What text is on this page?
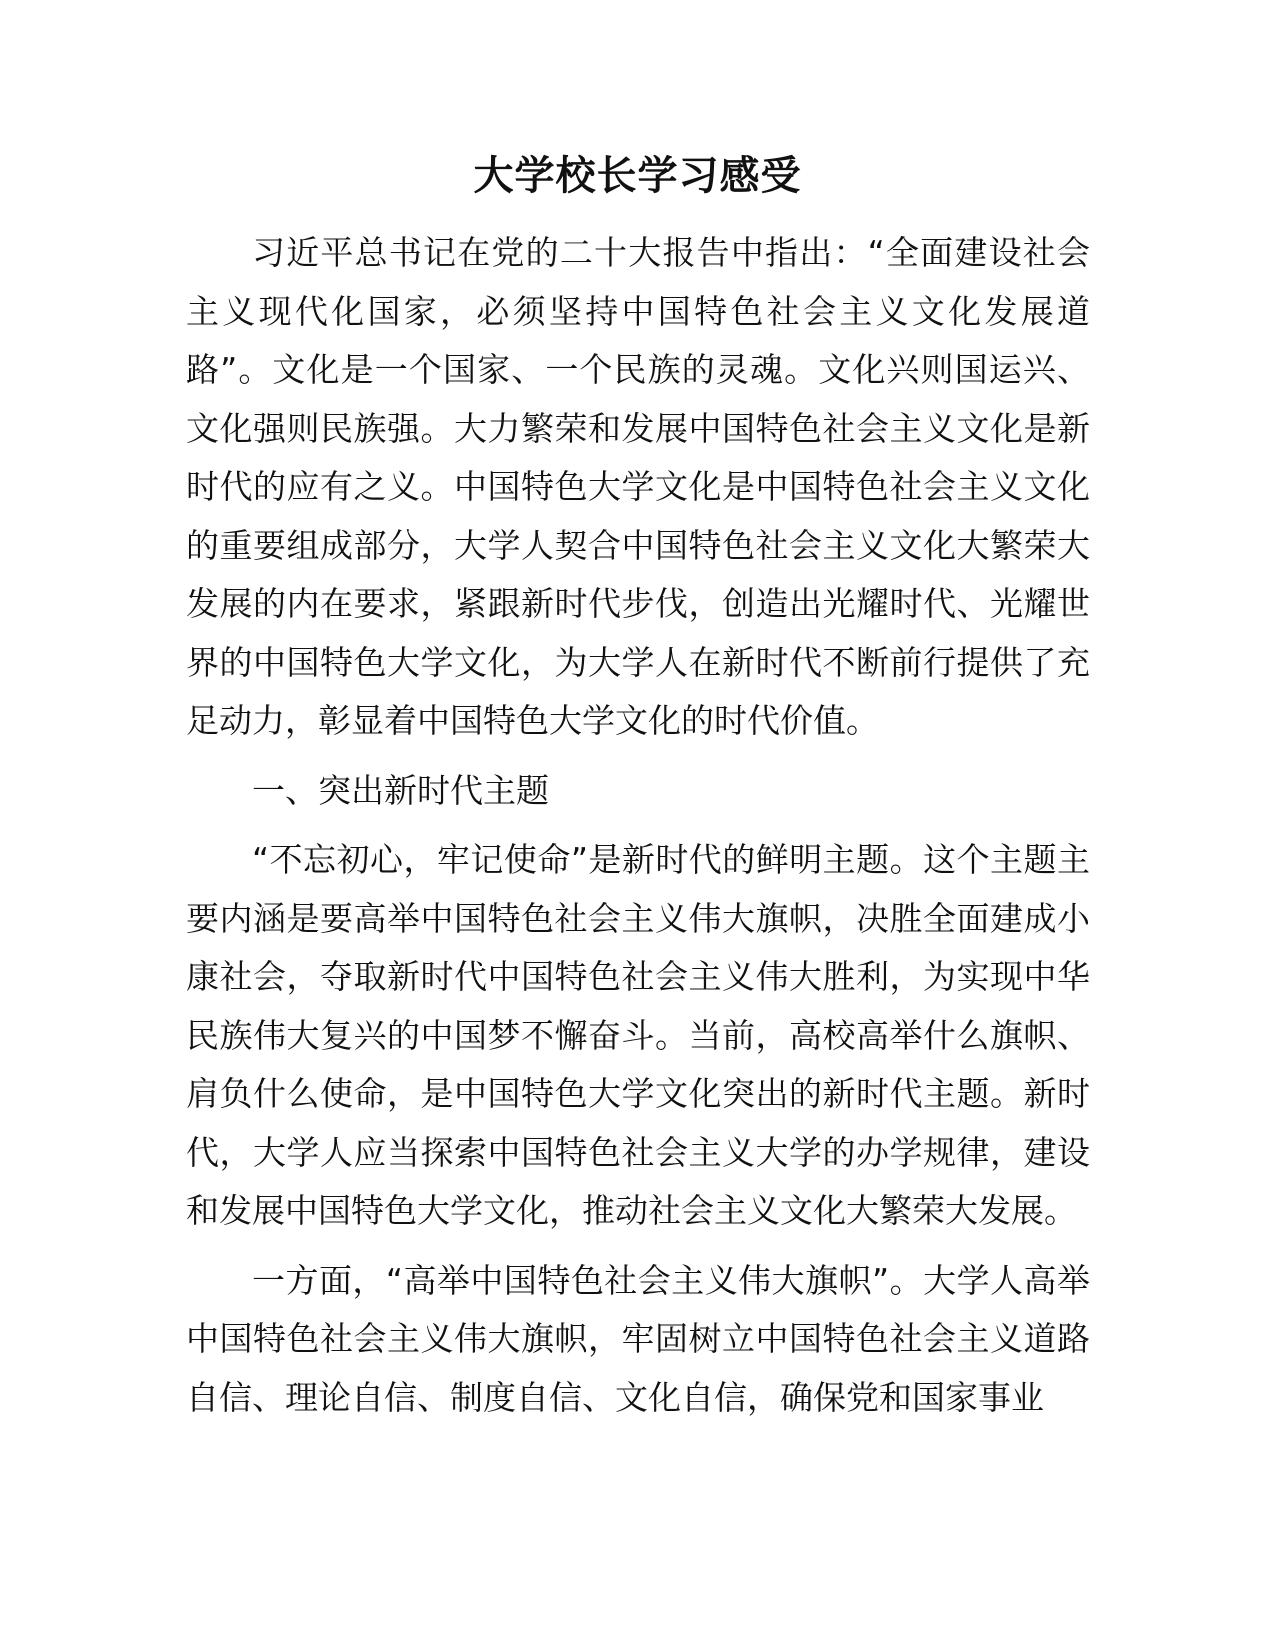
大学校长学习感受

习近平总书记在党的二十大报告中指出：“全面建设社会主义现代化国家，必须坚持中国特色社会主义文化发展道路”。文化是一个国家、一个民族的灵魂。文化兴则国运兴、文化强则民族强。大力繁荣和发展中国特色社会主义文化是新时代的应有之义。中国特色大学文化是中国特色社会主义文化的重要组成部分，大学人契合中国特色社会主义文化大繁荣大发展的内在要求，紧跟新时代步伐，创造出光耀时代、光耀世界的中国特色大学文化，为大学人在新时代不断前行提供了充足动力，彰显着中国特色大学文化的时代价值。

一、突出新时代主题

“不忘初心，牢记使命”是新时代的鲜明主题。这个主题主要内涵是要高举中国特色社会主义伟大旗帜，决胜全面建成小康社会，夺取新时代中国特色社会主义伟大胜利，为实现中华民族伟大复兴的中国梦不懈奋斗。当前，高校高举什么旗帜、肩负什么使命，是中国特色大学文化突出的新时代主题。新时代，大学人应当探索中国特色社会主义大学的办学规律，建设和发展中国特色大学文化，推动社会主义文化大繁荣大发展。

一方面，“高举中国特色社会主义伟大旗帜”。大学人高举中国特色社会主义伟大旗帜，牢固树立中国特色社会主义道路自信、理论自信、制度自信、文化自信，确保党和国家事业
